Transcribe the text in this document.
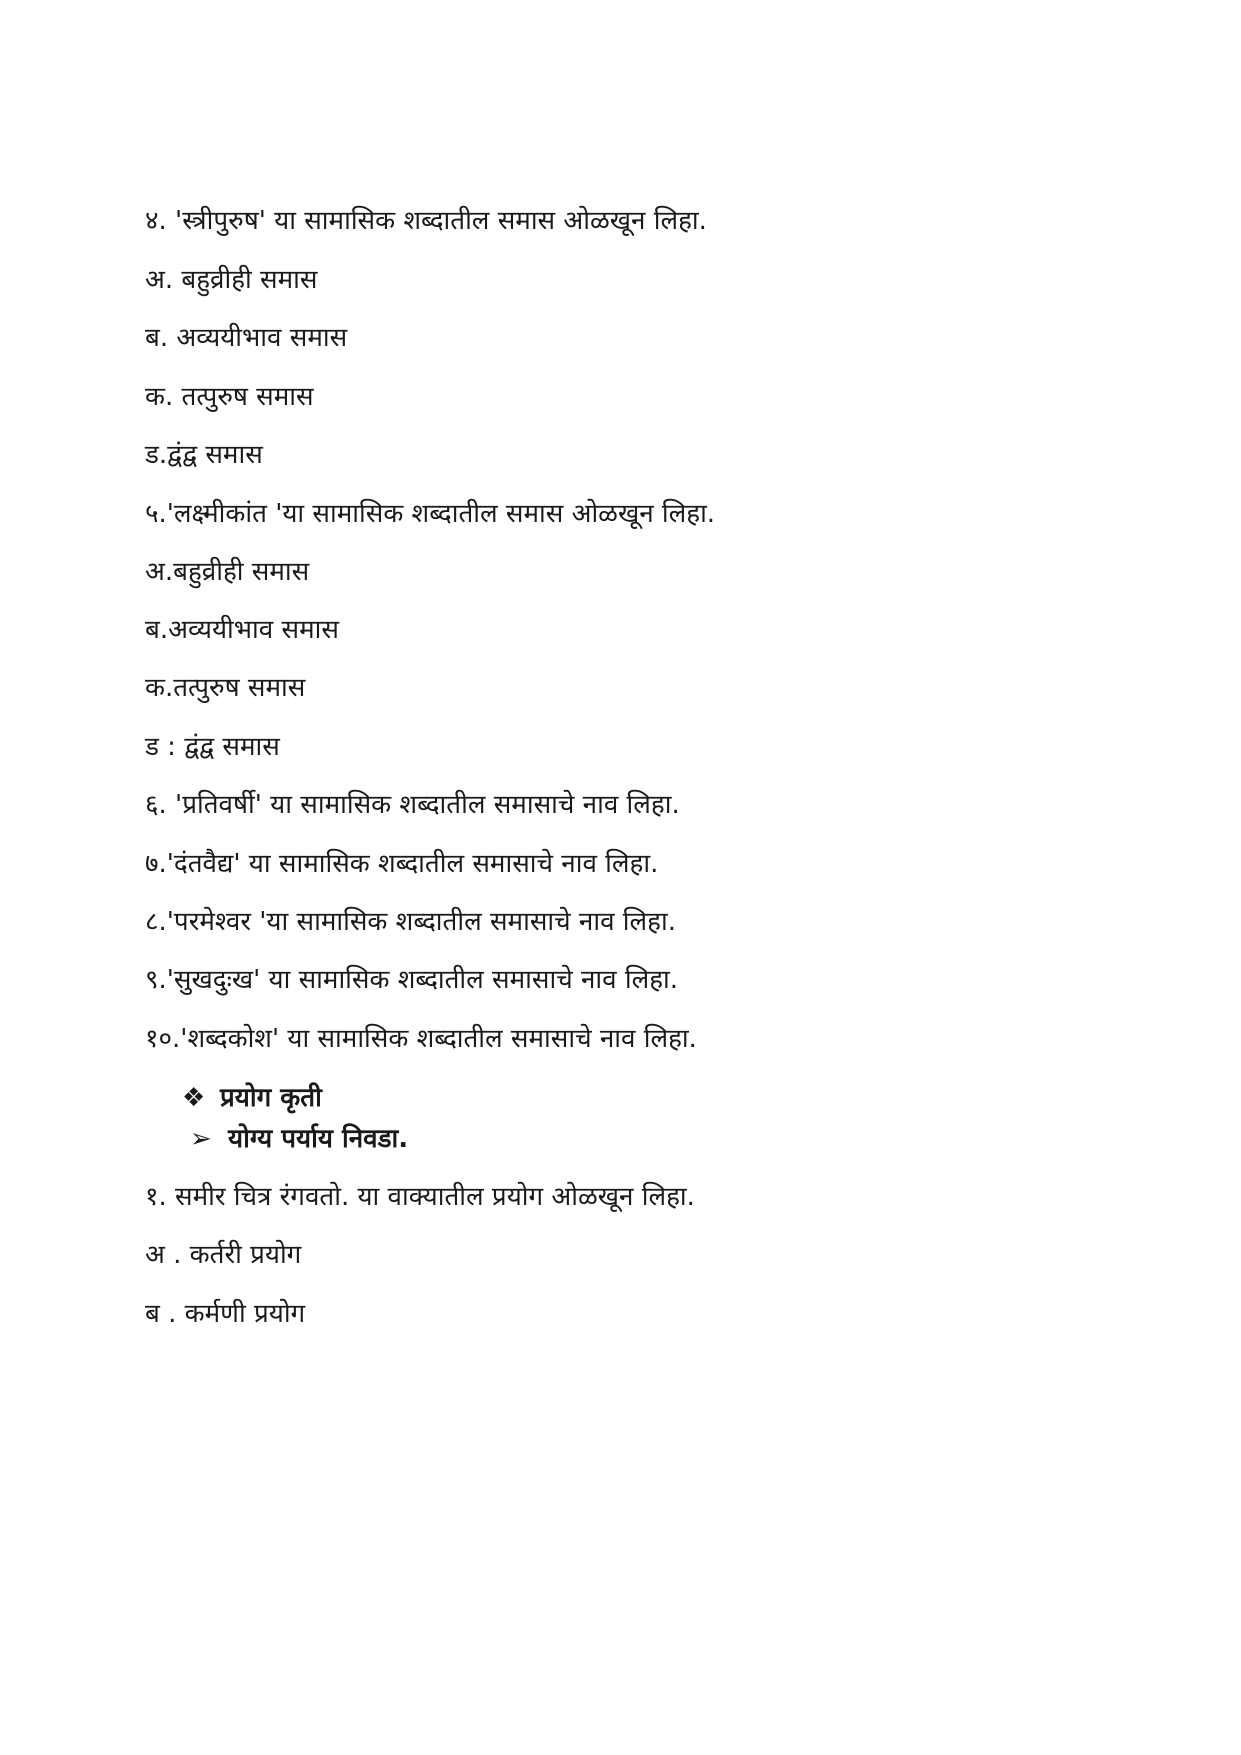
४. 'स्त्रीपुरुष' या सामासिक शब्दातील समास ओळखून लिहा.
अ. बहुव्रीही समास
ब. अव्ययीभाव समास
क. तत्पुरुष समास
ड.द्वंद्व समास
५.'लक्ष्मीकांत 'या सामासिक शब्दातील समास ओळखून लिहा.
अ.बहुव्रीही समास
ब.अव्ययीभाव समास
क.तत्पुरुष समास
ड : द्वंद्व समास
६. 'प्रतिवर्षी' या सामासिक शब्दातील समासाचे नाव लिहा.
७.'दंतवैद्य' या सामासिक शब्दातील समासाचे नाव लिहा.
८.'परमेश्वर 'या सामासिक शब्दातील समासाचे नाव लिहा.
९.'सुखदुःख' या सामासिक शब्दातील समासाचे नाव लिहा.
१०.'शब्दकोश' या सामासिक शब्दातील समासाचे नाव लिहा.
❖ प्रयोग कृती
➢ योग्य पर्याय निवडा.
१. समीर चित्र रंगवतो. या वाक्यातील प्रयोग ओळखून लिहा.
अ . कर्तरी प्रयोग
ब . कर्मणी प्रयोग
